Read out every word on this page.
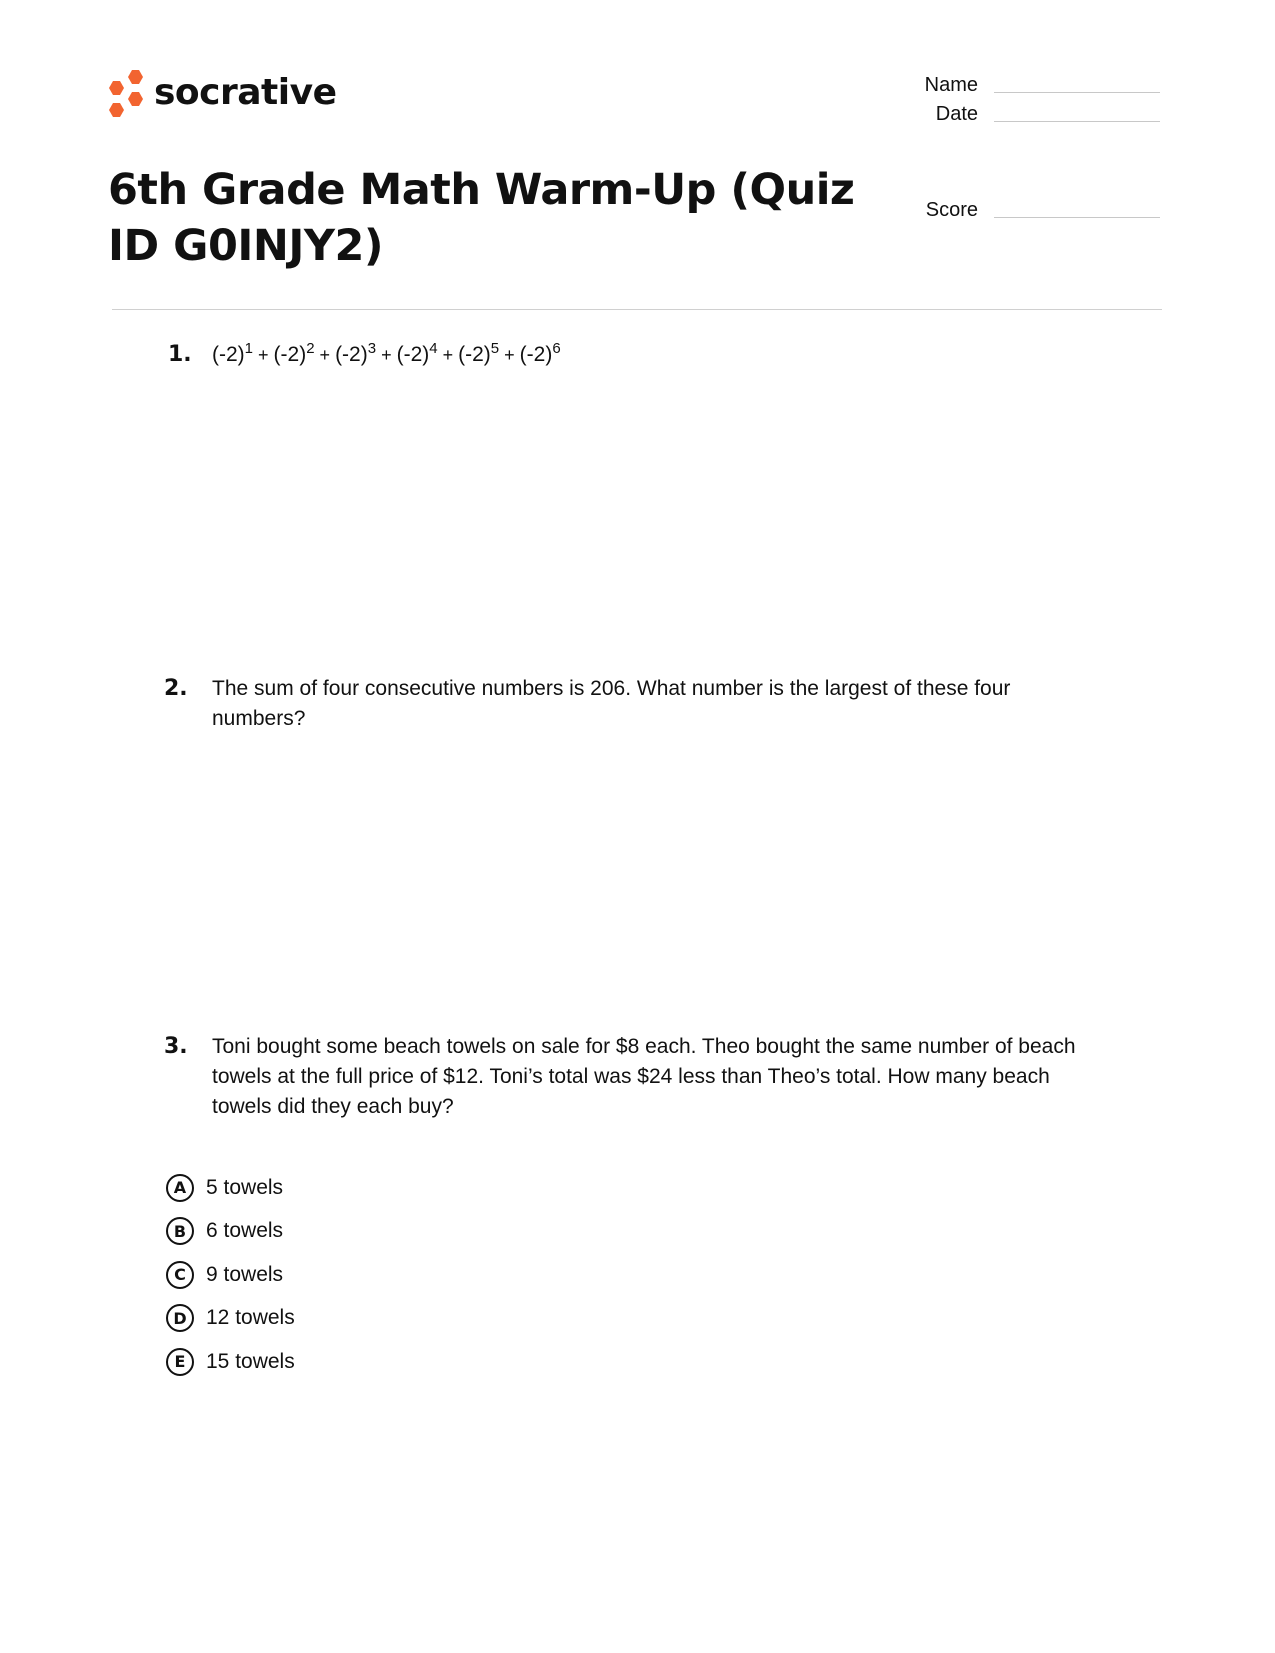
socrative	Name
Date
Score
6th Grade Math Warm-Up (Quiz ID G0INJY2)
1. $(-2)^1 + (-2)^2 + (-2)^3 + (-2)^4 + (-2)^5 + (-2)^6$
2.	The sum of four consecutive numbers is 206. What number is the largest of these four numbers?
3.	Toni bought some beach towels on sale for $8 each. Theo bought the same number of beach towels at the full price of $12. Toni’s total was $24 less than Theo’s total. How many beach towels did they each buy?
A 5 towels
B 6 towels
C 9 towels
D 12 towels
E 15 towels
